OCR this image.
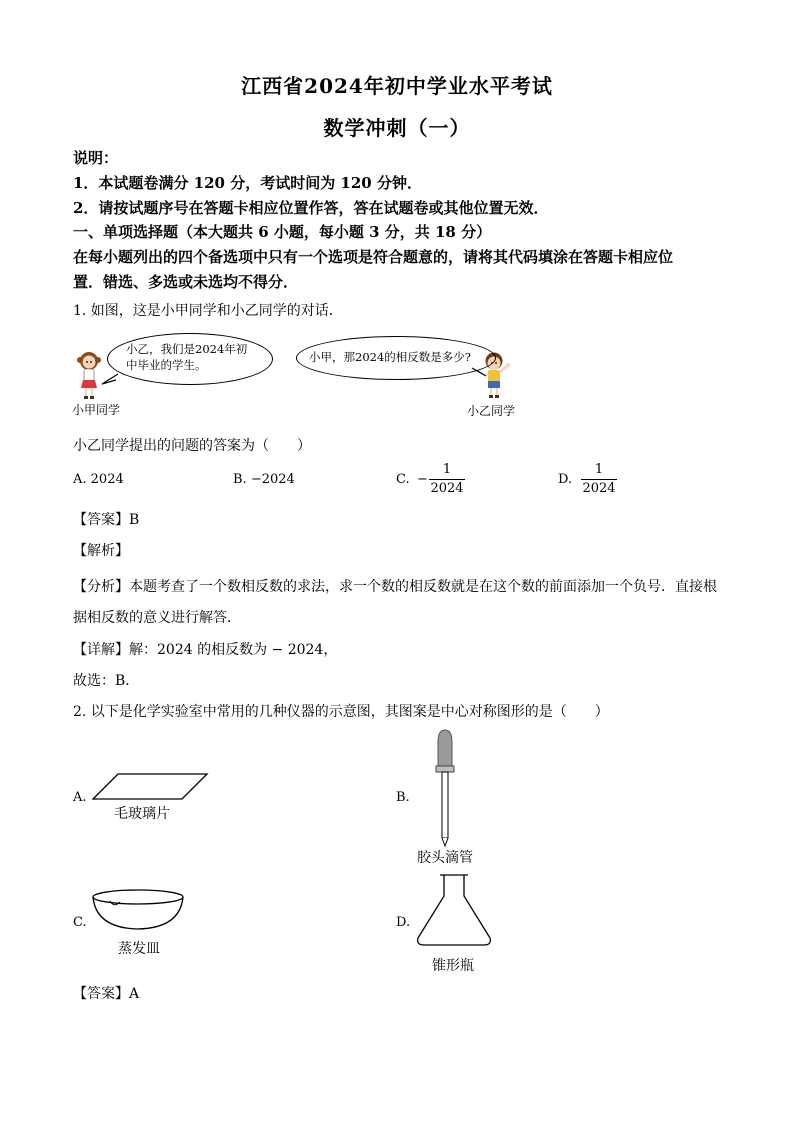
江西省2024年初中学业水平考试
数学冲刺（一）
说明：
1．本试题卷满分 120 分，考试时间为 120 分钟．
2．请按试题序号在答题卡相应位置作答，答在试题卷或其他位置无效．
一、单项选择题（本大题共 6 小题，每小题 3 分，共 18 分）
在每小题列出的四个备选项中只有一个选项是符合题意的，请将其代码填涂在答题卡相应位
置．错选、多选或未选均不得分．
1. 如图，这是小甲同学和小乙同学的对话．
小乙，我们是2024年初
中毕业的学生。
小甲，那2024的相反数是多少?
小甲同学	小乙同学
小乙同学提出的问题的答案为（　　）
A. 2024	B. −2024	C. −
1
2024
D.
1
2024
【答案】B
【解析】
【分析】本题考查了一个数相反数的求法，求一个数的相反数就是在这个数的前面添加一个负号．直接根
据相反数的意义进行解答．
【详解】解：2024 的相反数为 − 2024，
故选：B．
2. 以下是化学实验室中常用的几种仪器的示意图，其图案是中心对称图形的是（　　）
A.
毛玻璃片
B.
胶头滴管
C.
蒸发皿
D.
锥形瓶
【答案】A
